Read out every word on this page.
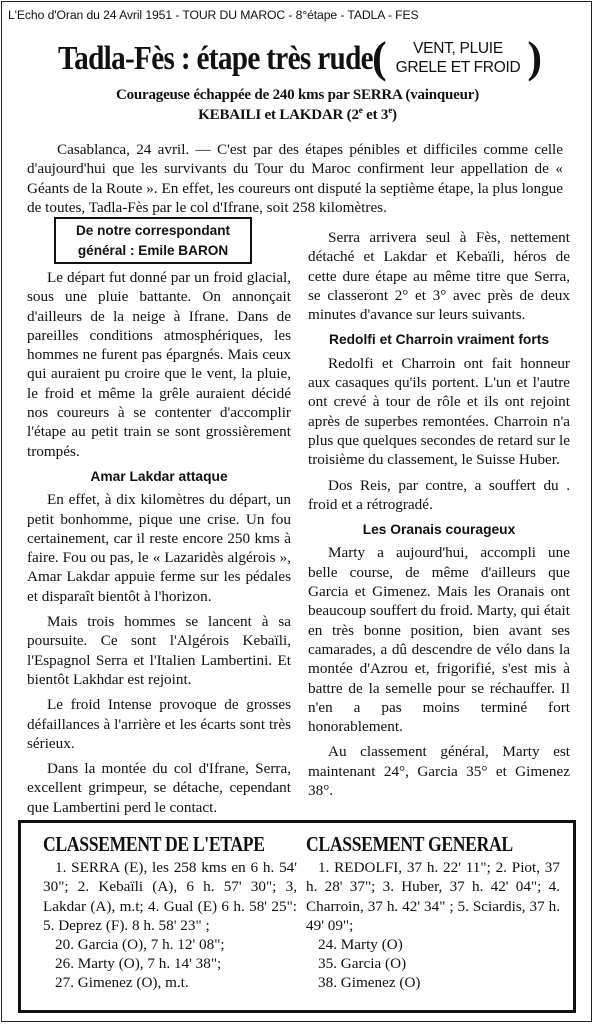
L'Echo d'Oran du 24 Avril 1951 - TOUR DU MAROC - 8°étape - TADLA - FES
Tadla-Fès : étape très rude (	VENT, PLUIE
GRELE ET FROID )
Courageuse échappée de 240 kms par SERRA (vainqueur)
KEBAILI et LAKDAR (2e et 3e)
Casablanca, 24 avril. — C'est par des étapes pénibles et difficiles comme celle d'aujourd'hui que les survivants du Tour du Maroc confirment leur appellation de « Géants de la Route ». En effet, les coureurs ont disputé la septième étape, la plus longue de toutes, Tadla-Fès par le col d'Ifrane, soit 258 kilomètres.
De notre correspondant
général : Emile BARON

Le départ fut donné par un froid glacial, sous une pluie battante. On annonçait d'ailleurs de la neige à Ifrane. Dans de pareilles conditions atmosphériques, les hommes ne furent pas épargnés. Mais ceux qui auraient pu croire que le vent, la pluie, le froid et même la grêle auraient décidé nos coureurs à se contenter d'accomplir l'étape au petit train se sont grossièrement trompés.

Amar Lakdar attaque

En effet, à dix kilomètres du départ, un petit bonhomme, pique une crise. Un fou certainement, car il reste encore 250 kms à faire. Fou ou pas, le « Lazaridès algérois », Amar Lakdar appuie ferme sur les pédales et disparaît bientôt à l'horizon.

Mais trois hommes se lancent à sa poursuite. Ce sont l'Algérois Kebaïli, l'Espagnol Serra et l'Italien Lambertini. Et bientôt Lakhdar est rejoint.

Le froid Intense provoque de grosses défaillances à l'arrière et les écarts sont très sérieux.

Dans la montée du col d'Ifrane, Serra, excellent grimpeur, se détache, cependant que Lambertini perd le contact.

Serra arrivera seul à Fès, nettement détaché et Lakdar et Kebaïli, héros de cette dure étape au même titre que Serra, se classeront 2° et 3° avec près de deux minutes d'avance sur leurs suivants.

Redolfi et Charroin vraiment forts

Redolfi et Charroin ont fait honneur aux casaques qu'ils portent. L'un et l'autre ont crevé à tour de rôle et ils ont rejoint après de superbes remontées. Charroin n'a plus que quelques secondes de retard sur le troisième du classement, le Suisse Huber.

Dos Reis, par contre, a souffert du . froid et a rétrogradé.

Les Oranais courageux

Marty a aujourd'hui, accompli une belle course, de même d'ailleurs que Garcia et Gimenez. Mais les Oranais ont beaucoup souffert du froid. Marty, qui était en très bonne position, bien avant ses camarades, a dû descendre de vélo dans la montée d'Azrou et, frigorifié, s'est mis à battre de la semelle pour se réchauffer. Il n'en a pas moins terminé fort honorablement.

Au classement général, Marty est maintenant 24°, Garcia 35° et Gimenez 38°.

CLASSEMENT DE L'ETAPE
1. SERRA (E), les 258 kms en 6 h. 54' 30"; 2. Kebaïli (A), 6 h. 57' 30"; 3, Lakdar (A), m.t; 4. Gual (E) 6 h. 58' 25": 5. Deprez (F). 8 h. 58' 23" ;
20. Garcia (O), 7 h. 12' 08";
26. Marty (O), 7 h. 14' 38";
27. Gimenez (O), m.t.
CLASSEMENT GENERAL
1. REDOLFI, 37 h. 22' 11"; 2. Piot, 37 h. 28' 37"; 3. Huber, 37 h. 42' 04"; 4. Charroin, 37 h. 42' 34" ; 5. Sciardis, 37 h. 49' 09";
24. Marty (O)
35. Garcia (O)
38. Gimenez (O)
